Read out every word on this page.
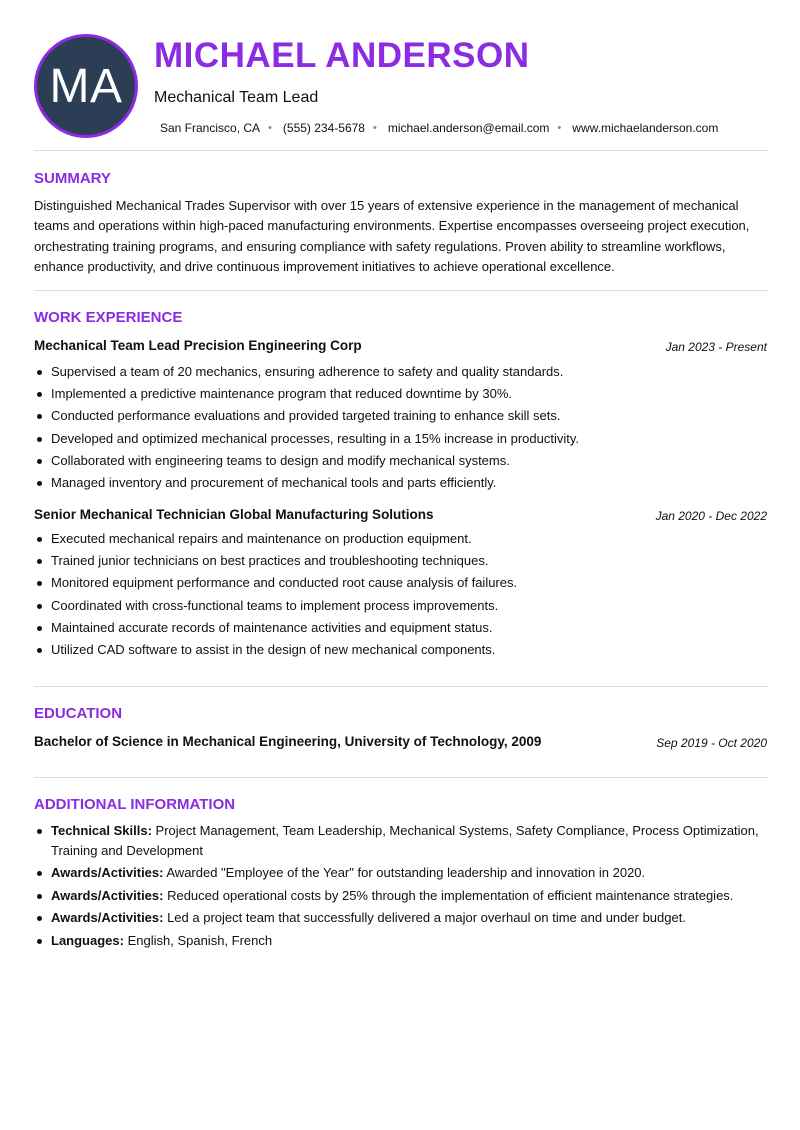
MA
MICHAEL ANDERSON
Mechanical Team Lead
San Francisco, CA • (555) 234-5678 • michael.anderson@email.com • www.michaelanderson.com
SUMMARY

Distinguished Mechanical Trades Supervisor with over 15 years of extensive experience in the management of mechanical teams and operations within high-paced manufacturing environments. Expertise encompasses overseeing project execution, orchestrating training programs, and ensuring compliance with safety regulations. Proven ability to streamline workflows, enhance productivity, and drive continuous improvement initiatives to achieve operational excellence.

WORK EXPERIENCE
Mechanical Team Lead Precision Engineering Corp	Jan 2023 - Present
Supervised a team of 20 mechanics, ensuring adherence to safety and quality standards.
Implemented a predictive maintenance program that reduced downtime by 30%.
Conducted performance evaluations and provided targeted training to enhance skill sets.
Developed and optimized mechanical processes, resulting in a 15% increase in productivity.
Collaborated with engineering teams to design and modify mechanical systems.
Managed inventory and procurement of mechanical tools and parts efficiently.
Senior Mechanical Technician Global Manufacturing Solutions	Jan 2020 - Dec 2022
Executed mechanical repairs and maintenance on production equipment.
Trained junior technicians on best practices and troubleshooting techniques.
Monitored equipment performance and conducted root cause analysis of failures.
Coordinated with cross-functional teams to implement process improvements.
Maintained accurate records of maintenance activities and equipment status.
Utilized CAD software to assist in the design of new mechanical components.
EDUCATION
Bachelor of Science in Mechanical Engineering, University of Technology, 2009	Sep 2019 - Oct 2020
ADDITIONAL INFORMATION
Technical Skills: Project Management, Team Leadership, Mechanical Systems, Safety Compliance, Process Optimization, Training and Development
Awards/Activities: Awarded "Employee of the Year" for outstanding leadership and innovation in 2020.
Awards/Activities: Reduced operational costs by 25% through the implementation of efficient maintenance strategies.
Awards/Activities: Led a project team that successfully delivered a major overhaul on time and under budget.
Languages: English, Spanish, French
